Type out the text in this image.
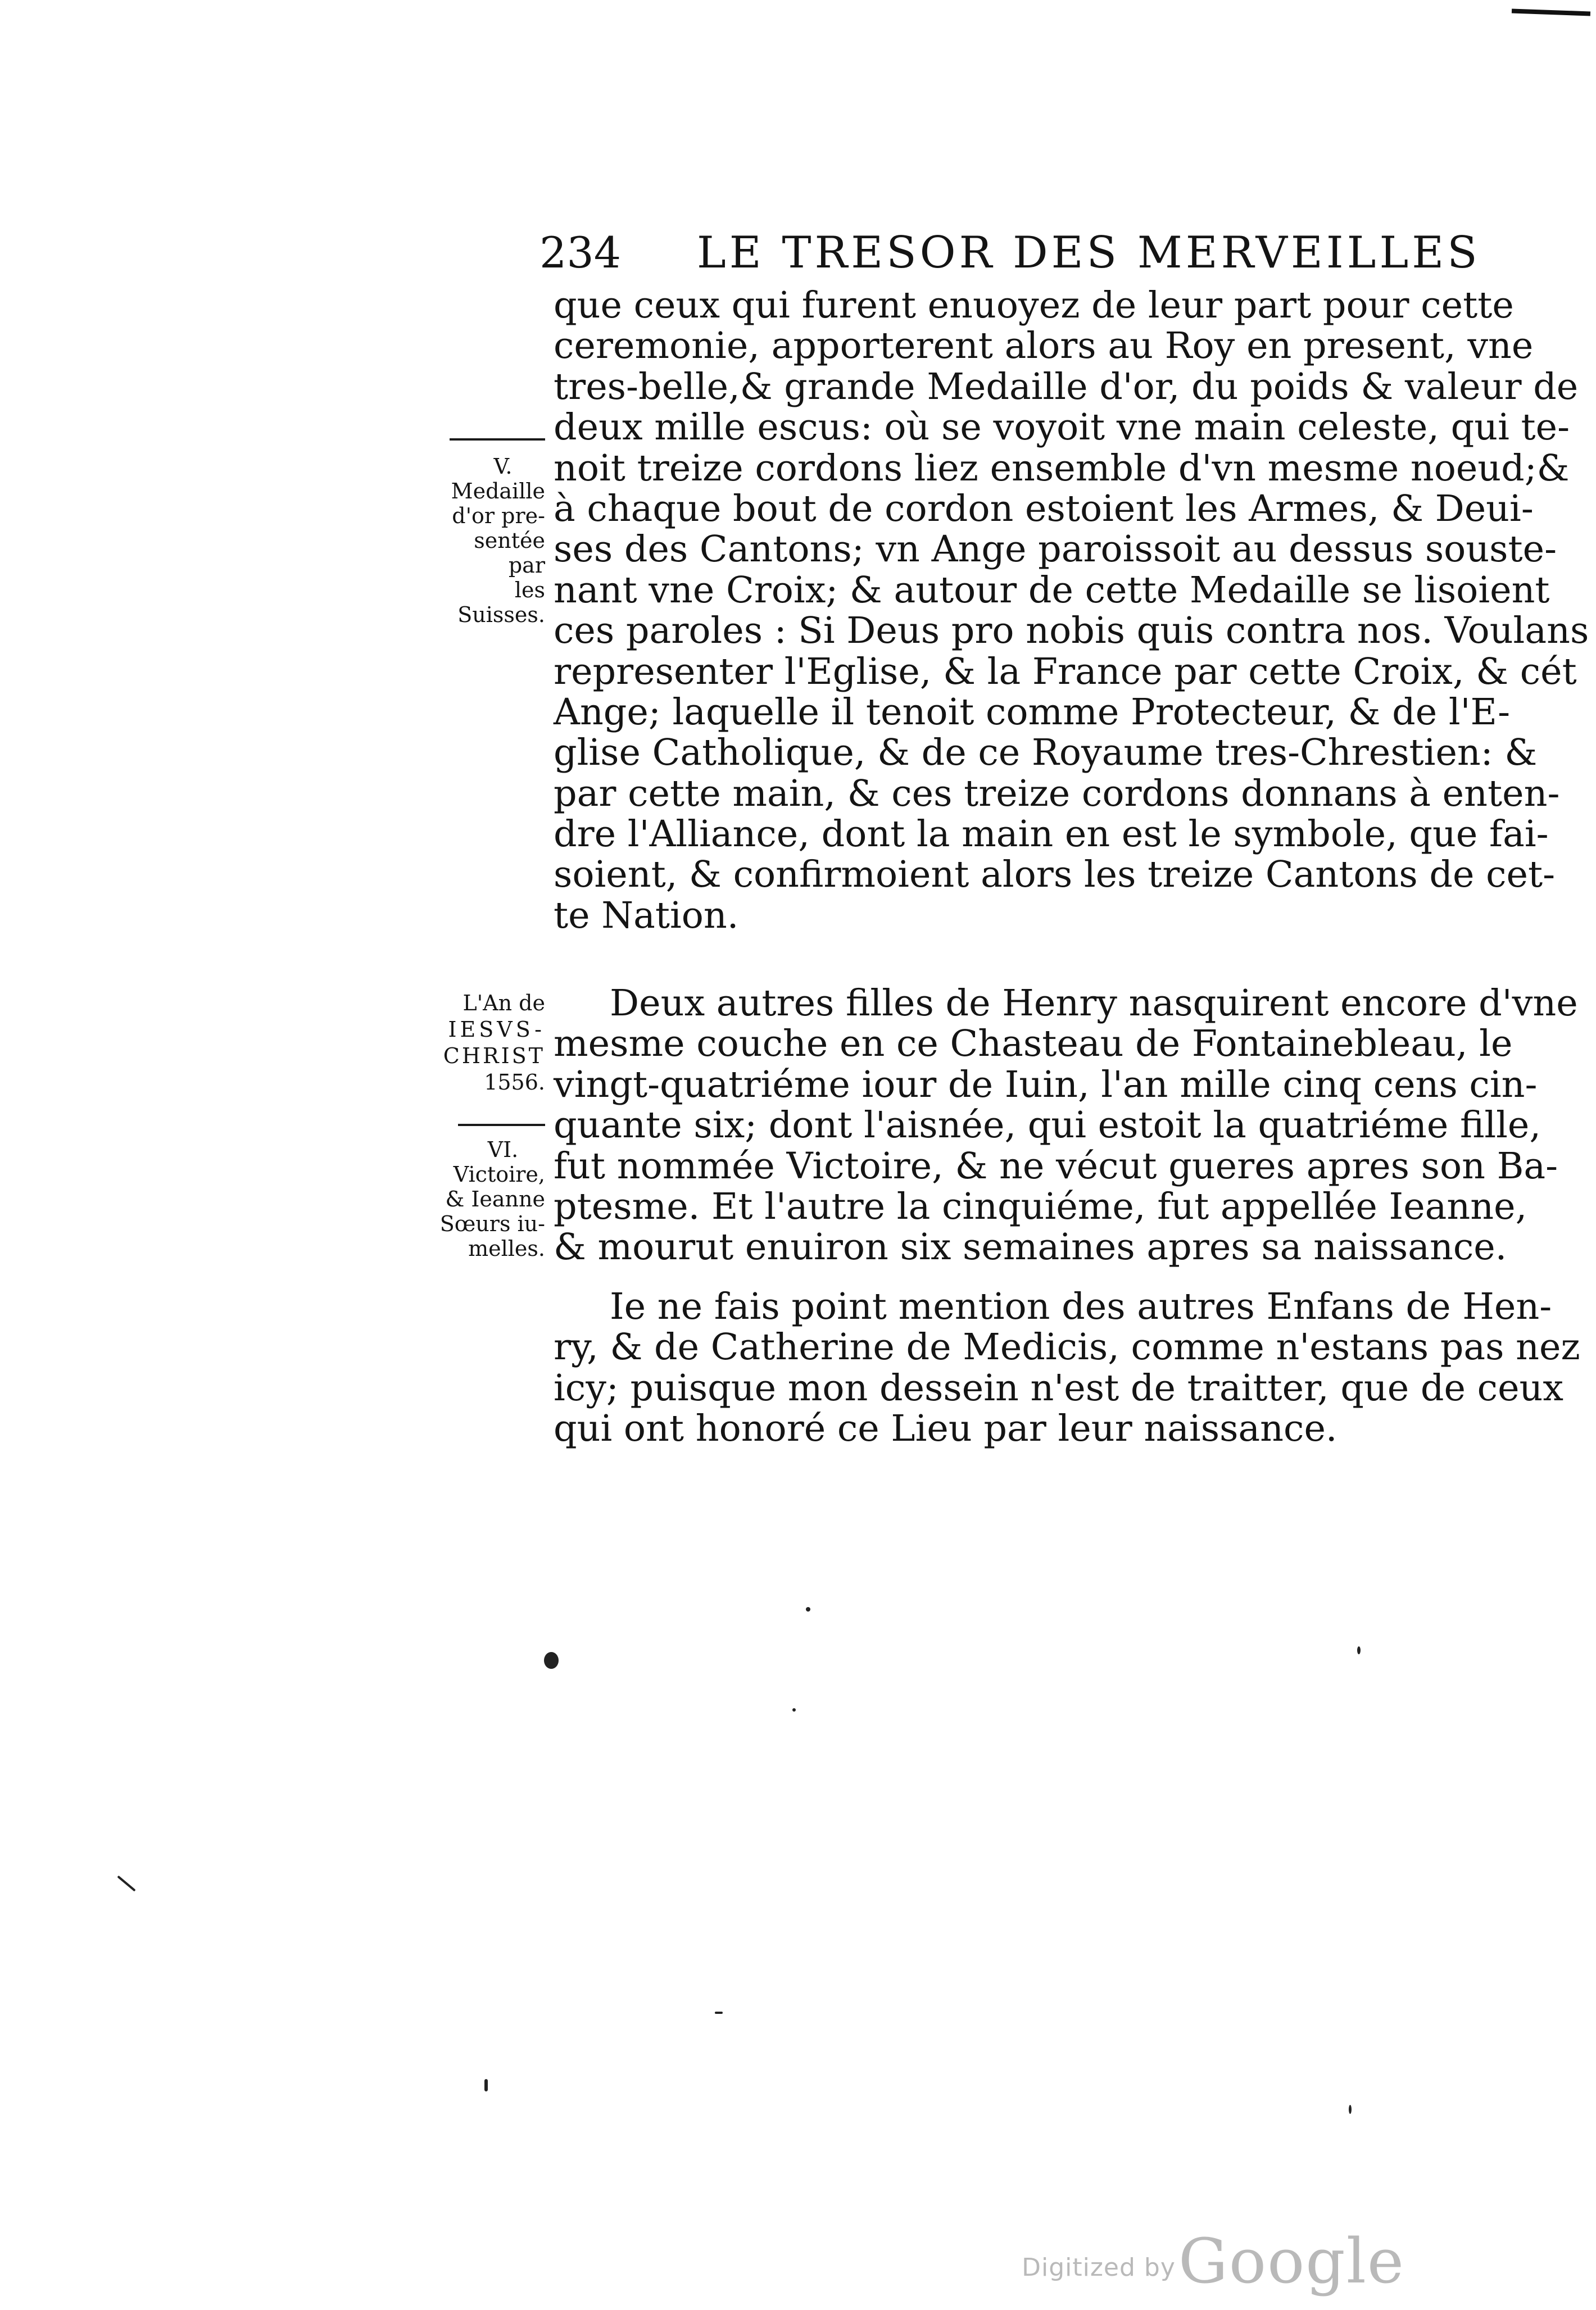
234 LE TRESOR DES MERVEILLES
que ceux qui furent enuoyez de leur part pour cette
ceremonie, apporterent alors au Roy en present, vne
tres-belle,& grande Medaille d'or, du poids & valeur de
deux mille escus: où se voyoit vne main celeste, qui te-
noit treize cordons liez ensemble d'vn mesme noeud;&
à chaque bout de cordon estoient les Armes, & Deui-
ses des Cantons; vn Ange paroissoit au dessus souste-
nant vne Croix; & autour de cette Medaille se lisoient
ces paroles : Si Deus pro nobis quis contra nos. Voulans
representer l'Eglise, & la France par cette Croix, & cét
Ange; laquelle il tenoit comme Protecteur, & de l'E-
glise Catholique, & de ce Royaume tres-Chrestien: &
par cette main, & ces treize cordons donnans à enten-
dre l'Alliance, dont la main en est le symbole, que fai-
soient, & confirmoient alors les treize Cantons de cet-
te Nation.
Deux autres filles de Henry nasquirent encore d'vne
mesme couche en ce Chasteau de Fontainebleau, le
vingt-quatriéme iour de Iuin, l'an mille cinq cens cin-
quante six; dont l'aisnée, qui estoit la quatriéme fille,
fut nommée Victoire, & ne vécut gueres apres son Ba-
ptesme. Et l'autre la cinquiéme, fut appellée Ieanne,
& mourut enuiron six semaines apres sa naissance.
Ie ne fais point mention des autres Enfans de Hen-
ry, & de Catherine de Medicis, comme n'estans pas nez
icy; puisque mon dessein n'est de traitter, que de ceux
qui ont honoré ce Lieu par leur naissance.
V.
Medaille
d'or pre-
sentée par
les Suisses.
L'An de
IESVS-
CHRIST
1556.
VI.
Victoire,
& Ieanne
Sœurs iu-
melles.
Digitized by Google
